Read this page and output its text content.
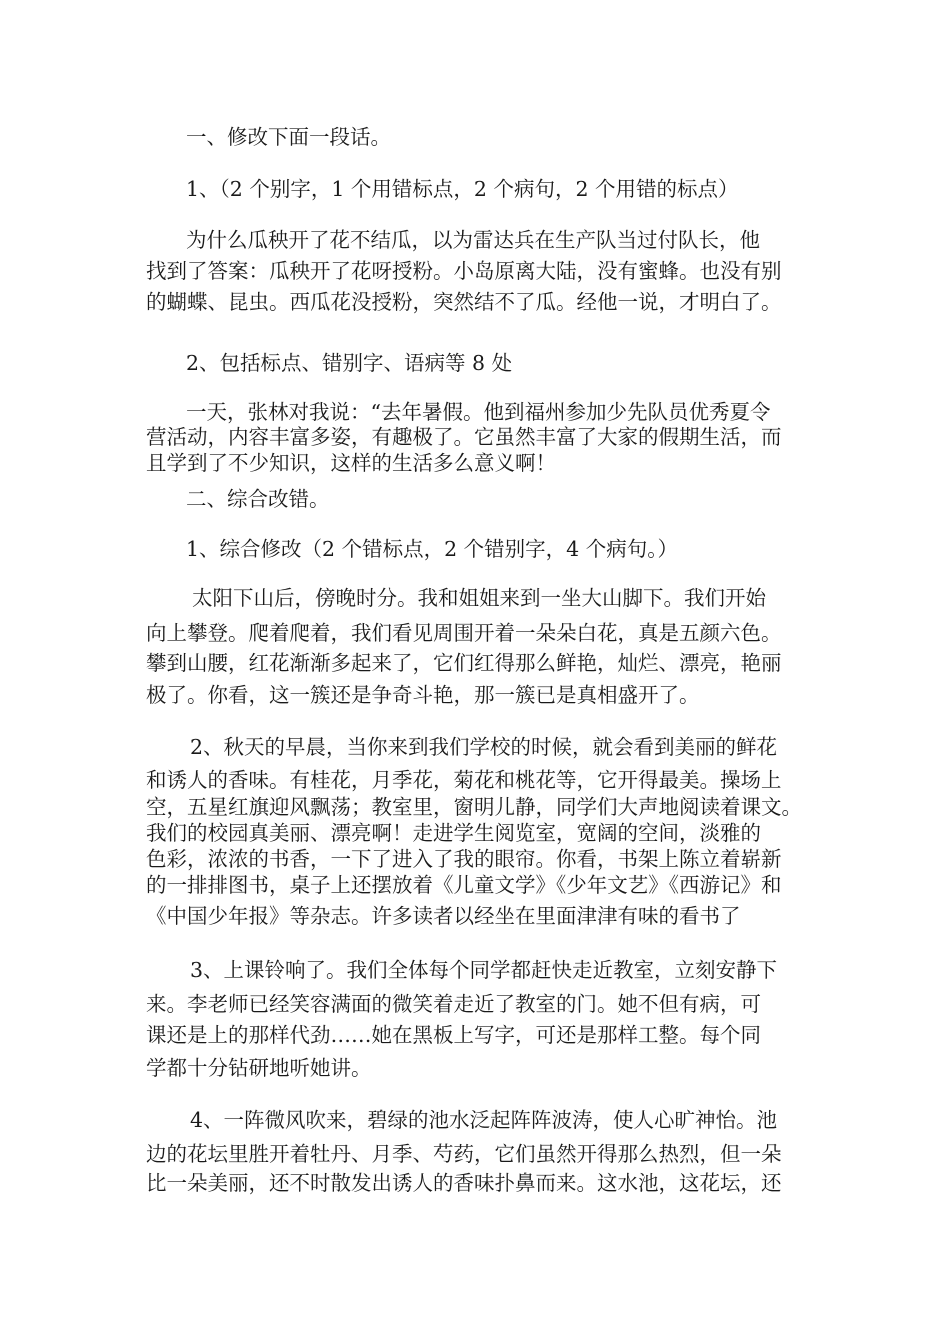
一、修改下面一段话。
1、（2 个别字，1 个用错标点，2 个病句，2 个用错的标点）
为什么瓜秧开了花不结瓜，以为雷达兵在生产队当过付队长，他
找到了答案：瓜秧开了花呀授粉。小岛原离大陆，没有蜜蜂。也没有别
的蝴蝶、昆虫。西瓜花没授粉，突然结不了瓜。经他一说，才明白了。
2、包括标点、错别字、语病等 8 处
一天，张林对我说：“去年暑假。他到福州参加少先队员优秀夏令
营活动，内容丰富多姿，有趣极了。它虽然丰富了大家的假期生活，而
且学到了不少知识，这样的生活多么意义啊！
二、综合改错。
1、综合修改（2 个错标点，2 个错别字，4 个病句。）
太阳下山后，傍晚时分。我和姐姐来到一坐大山脚下。我们开始
向上攀登。爬着爬着，我们看见周围开着一朵朵白花，真是五颜六色。
攀到山腰，红花渐渐多起来了，它们红得那么鲜艳，灿烂、漂亮，艳丽
极了。你看，这一簇还是争奇斗艳，那一簇已是真相盛开了。
2、秋天的早晨，当你来到我们学校的时候，就会看到美丽的鲜花
和诱人的香味。有桂花，月季花，菊花和桃花等，它开得最美。操场上
空，五星红旗迎风飘荡；教室里，窗明儿静，同学们大声地阅读着课文。
我们的校园真美丽、漂亮啊！走进学生阅览室，宽阔的空间，淡雅的
色彩，浓浓的书香，一下了进入了我的眼帘。你看，书架上陈立着崭新
的一排排图书，桌子上还摆放着《儿童文学》《少年文艺》《西游记》和
《中国少年报》等杂志。许多读者以经坐在里面津津有味的看书了
3、上课铃响了。我们全体每个同学都赶快走近教室，立刻安静下
来。李老师已经笑容满面的微笑着走近了教室的门。她不但有病，可
课还是上的那样代劲……她在黑板上写字，可还是那样工整。每个同
学都十分钻研地听她讲。
4、一阵微风吹来，碧绿的池水泛起阵阵波涛，使人心旷神怡。池
边的花坛里胜开着牡丹、月季、芍药，它们虽然开得那么热烈，但一朵
比一朵美丽，还不时散发出诱人的香味扑鼻而来。这水池，这花坛，还
